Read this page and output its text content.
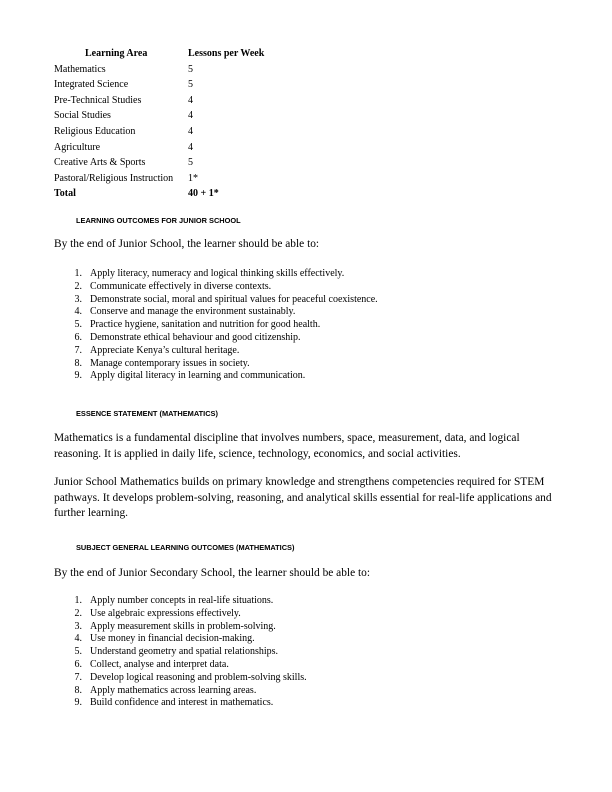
Learning Area	Lessons per Week
Mathematics	5
Integrated Science	5
Pre-Technical Studies	4
Social Studies	4
Religious Education	4
Agriculture	4
Creative Arts & Sports	5
Pastoral/Religious Instruction	1*
Total	40 + 1*
LEARNING OUTCOMES FOR JUNIOR SCHOOL

By the end of Junior School, the learner should be able to:

1. Apply literacy, numeracy and logical thinking skills effectively.
2. Communicate effectively in diverse contexts.
3. Demonstrate social, moral and spiritual values for peaceful coexistence.
4. Conserve and manage the environment sustainably.
5. Practice hygiene, sanitation and nutrition for good health.
6. Demonstrate ethical behaviour and good citizenship.
7. Appreciate Kenya’s cultural heritage.
8. Manage contemporary issues in society.
9. Apply digital literacy in learning and communication.
ESSENCE STATEMENT (MATHEMATICS)

Mathematics is a fundamental discipline that involves numbers, space, measurement, data, and logical reasoning. It is applied in daily life, science, technology, economics, and social activities.

Junior School Mathematics builds on primary knowledge and strengthens competencies required for STEM pathways. It develops problem-solving, reasoning, and analytical skills essential for real-life applications and further learning.

SUBJECT GENERAL LEARNING OUTCOMES (MATHEMATICS)

By the end of Junior Secondary School, the learner should be able to:

1. Apply number concepts in real-life situations.
2. Use algebraic expressions effectively.
3. Apply measurement skills in problem-solving.
4. Use money in financial decision-making.
5. Understand geometry and spatial relationships.
6. Collect, analyse and interpret data.
7. Develop logical reasoning and problem-solving skills.
8. Apply mathematics across learning areas.
9. Build confidence and interest in mathematics.
